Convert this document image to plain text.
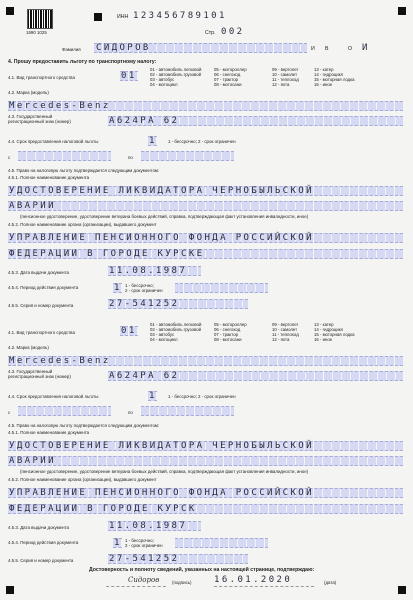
1690 1025
ИНН 123456789101
Стр. 002
Фамилия СИДОРОВ	И В	О И
4. Прошу предоставить льготу по транспортному налогу:
4.1. Вид транспортного средства	01
01 - автомобиль легковой	05 - мотороллер	09 - вертолет	13 - катер
02 - автомобиль грузовой	06 - снегоход	10 - самолет	14 - гидроцикл
03 - автобус	07 - трактор	11 - теплоход	15 - моторная лодка
04 - мотоцикл	08 - мотосани	12 - яхта	16 - иное
4.2. Марка (модель)
Mercedes-Benz
4.3. Государственный
регистрационный знак (номер)	A624PA 62
4.4. Срок предоставления налоговой льготы	1	1 - бессрочно; 2 - срок ограничен
с	по
4.5. Право на налоговую льготу подтверждается следующим документом:
4.5.1. Полное наименование документа
УДОСТОВЕРЕНИЕ ЛИКВИДАТОРА ЧЕРНОБЫЛЬСКОЙ
АВАРИИ
(пенсионное удостоверение, удостоверение ветерана боевых действий, справка, подтверждающая факт установления инвалидности, иное)
4.5.2. Полное наименование органа (организации), выдавшего документ
УПРАВЛЕНИЕ ПЕНСИОННОГО ФОНДА РОССИЙСКОЙ
ФЕДЕРАЦИИ В ГОРОДЕ КУРСКЕ
4.5.3. Дата выдачи документа	11.08.1987
4.5.4. Период действия документа	1 1 - бессрочно;
2 - срок ограничен
4.5.5. Серия и номер документа	27-541252
4.1. Вид транспортного средства	01
01 - автомобиль легковой	05 - мотороллер	09 - вертолет	13 - катер
02 - автомобиль грузовой	06 - снегоход	10 - самолет	14 - гидроцикл
03 - автобус	07 - трактор	11 - теплоход	15 - моторная лодка
04 - мотоцикл	08 - мотосани	12 - яхта	16 - иное
4.2. Марка (модель)
Mercedes-Benz
4.3. Государственный
регистрационный знак (номер)	A624PA 62
4.4. Срок предоставления налоговой льготы	1	1 - бессрочно; 2 - срок ограничен
с	по
4.5. Право на налоговую льготу подтверждается следующим документом:
4.5.1. Полное наименование документа
УДОСТОВЕРЕНИЕ ЛИКВИДАТОРА ЧЕРНОБЫЛЬСКОЙ
АВАРИИ
(пенсионное удостоверение, удостоверение ветерана боевых действий, справка, подтверждающая факт установления инвалидности, иное)
4.5.2. Полное наименование органа (организации), выдавшего документ
УПРАВЛЕНИЕ ПЕНСИОННОГО ФОНДА РОССИЙСКОЙ
ФЕДЕРАЦИИ В ГОРОДЕ КУРСК
4.5.3. Дата выдачи документа	11.08.1987
4.5.4. Период действия документа	1 1 - бессрочно;
2 - срок ограничен
4.5.5. Серия и номер документа	27-541252
Достоверность и полноту сведений, указанных на настоящей странице, подтверждаю:
Сидоров	(подпись) 16.01.2020	(дата)
